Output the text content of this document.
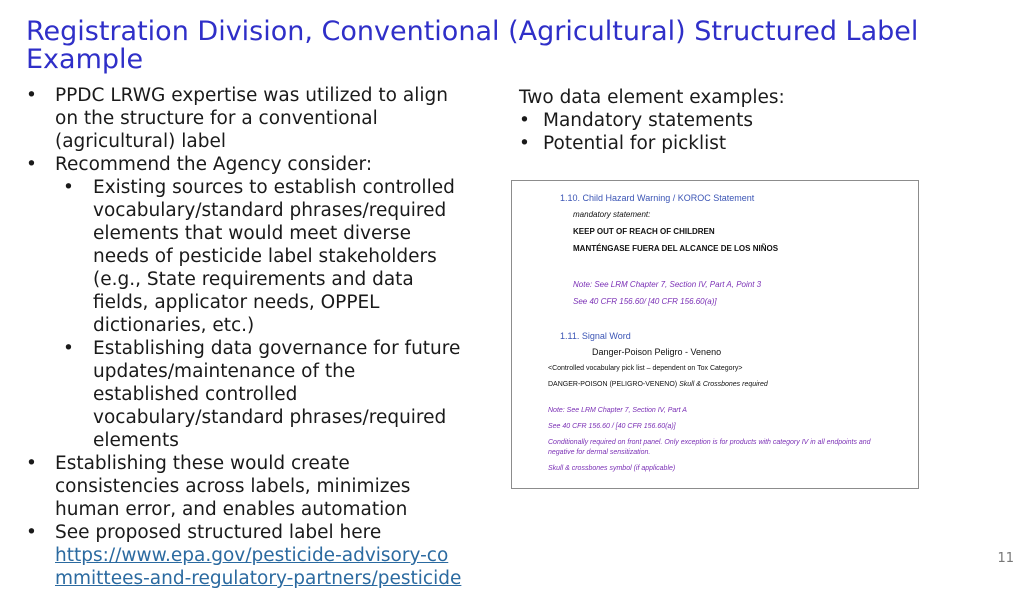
Registration Division, Conventional (Agricultural) Structured Label Example
• PPDC LRWG expertise was utilized to align on the structure for a conventional (agricultural) label
• Recommend the Agency consider:
• Existing sources to establish controlled vocabulary/standard phrases/required elements that would meet diverse needs of pesticide label stakeholders (e.g., State requirements and data fields, applicator needs, OPPEL dictionaries, etc.)
• Establishing data governance for future updates/maintenance of the established controlled vocabulary/standard phrases/required elements
• Establishing these would create consistencies across labels, minimizes human error, and enables automation
• See proposed structured label here
https://www.epa.gov/pesticide-advisory-committees-and-regulatory-partners/pesticide
Two data element examples:
• Mandatory statements
• Potential for picklist
1.10. Child Hazard Warning / KOROC Statement
mandatory statement:
KEEP OUT OF REACH OF CHILDREN
MANTÉNGASE FUERA DEL ALCANCE DE LOS NIÑOS
Note: See LRM Chapter 7, Section IV, Part A, Point 3
See 40 CFR 156.60/ [40 CFR 156.60(a)]
1.11. Signal Word
Danger-Poison Peligro - Veneno
<Controlled vocabulary pick list – dependent on Tox Category>
DANGER-POISON (PELIGRO-VENENO) Skull & Crossbones required
Note: See LRM Chapter 7, Section IV, Part A
See 40 CFR 156.60 / [40 CFR 156.60(a)]
Conditionally required on front panel. Only exception is for products with category IV in all endpoints and
negative for dermal sensitization.
Skull & crossbones symbol (if applicable)
11
